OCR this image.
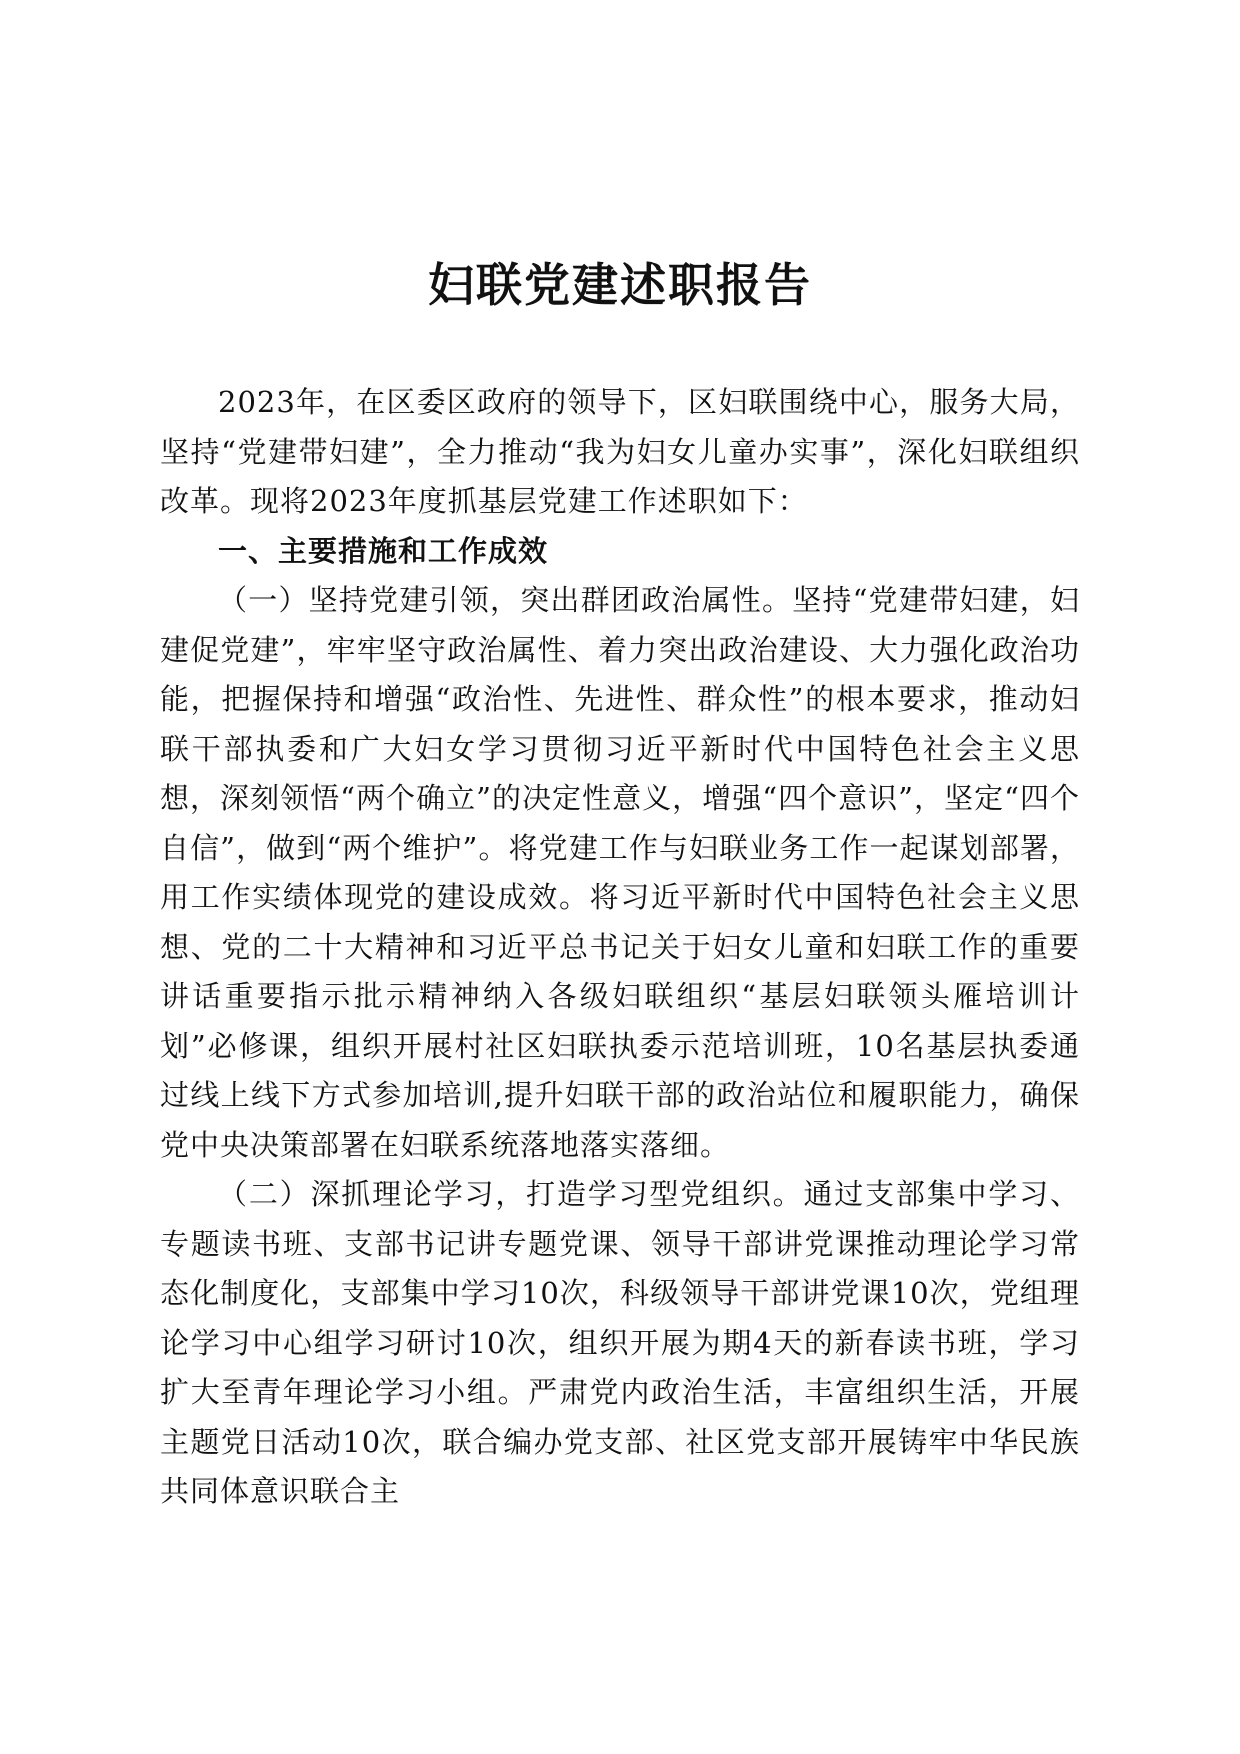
妇联党建述职报告

2023年，在区委区政府的领导下，区妇联围绕中心，服务大局，坚持“党建带妇建”，全力推动“我为妇女儿童办实事”，深化妇联组织改革。现将2023年度抓基层党建工作述职如下：

一、主要措施和工作成效

（一）坚持党建引领，突出群团政治属性。坚持“党建带妇建，妇建促党建”，牢牢坚守政治属性、着力突出政治建设、大力强化政治功能，把握保持和增强“政治性、先进性、群众性”的根本要求，推动妇联干部执委和广大妇女学习贯彻习近平新时代中国特色社会主义思想，深刻领悟“两个确立”的决定性意义，增强“四个意识”，坚定“四个自信”，做到“两个维护”。将党建工作与妇联业务工作一起谋划部署，用工作实绩体现党的建设成效。将习近平新时代中国特色社会主义思想、党的二十大精神和习近平总书记关于妇女儿童和妇联工作的重要讲话重要指示批示精神纳入各级妇联组织“基层妇联领头雁培训计划”必修课，组织开展村社区妇联执委示范培训班，10名基层执委通过线上线下方式参加培训,提升妇联干部的政治站位和履职能力，确保党中央决策部署在妇联系统落地落实落细。

（二）深抓理论学习，打造学习型党组织。通过支部集中学习、专题读书班、支部书记讲专题党课、领导干部讲党课推动理论学习常态化制度化，支部集中学习10次，科级领导干部讲党课10次，党组理论学习中心组学习研讨10次，组织开展为期4天的新春读书班，学习扩大至青年理论学习小组。严肃党内政治生活，丰富组织生活，开展主题党日活动10次，联合编办党支部、社区党支部开展铸牢中华民族共同体意识联合主
